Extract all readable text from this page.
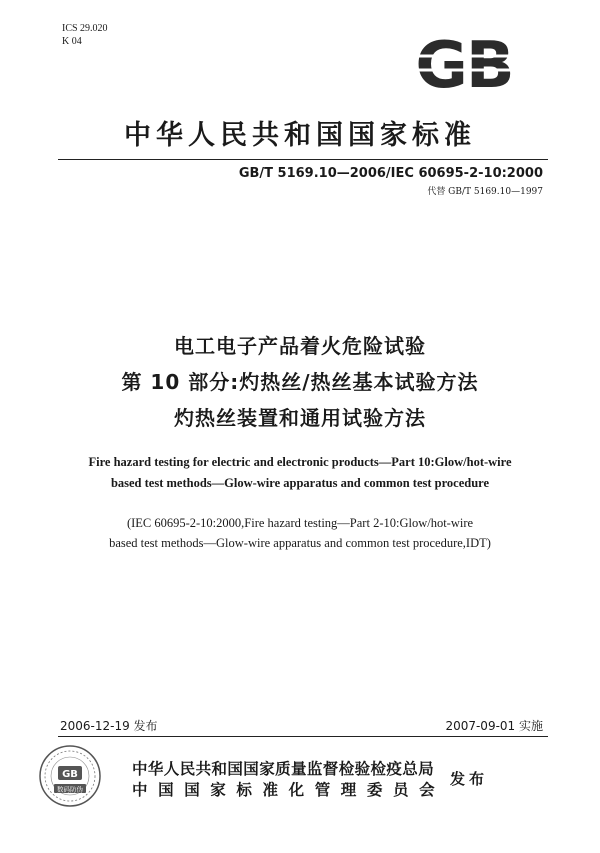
ICS 29.020
K 04	GB
中华人民共和国国家标准
GB/T 5169.10—2006/IEC 60695-2-10:2000
代替 GB/T 5169.10—1997
电工电子产品着火危险试验
第 10 部分:灼热丝/热丝基本试验方法
灼热丝装置和通用试验方法
Fire hazard testing for electric and electronic products—Part 10:Glow/hot-wire
based test methods—Glow-wire apparatus and common test procedure
(IEC 60695-2-10:2000,Fire hazard testing—Part 2-10:Glow/hot-wire
based test methods—Glow-wire apparatus and common test procedure,IDT)
2006-12-19 发布	2007-09-01 实施
GB
数码防伪
中华人民共和国国家质量监督检验检疫总局
中国国家标准化管理委员会
发布
